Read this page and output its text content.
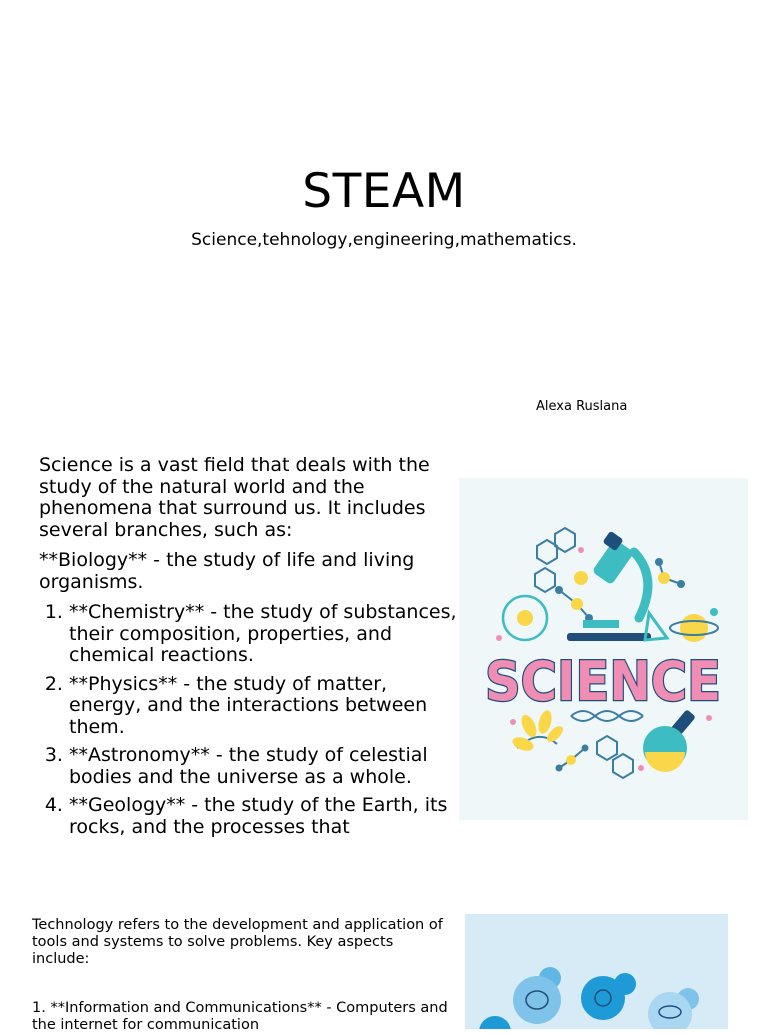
STEAM
Science,tehnology,engineering,mathematics.
Alexa Ruslana

Science is a vast field that deals with the study of the natural world and the phenomena that surround us. It includes several branches, such as:

**Biology** - the study of life and living organisms.

1. **Chemistry** - the study of substances, their composition, properties, and chemical reactions.
2. **Physics** - the study of matter, energy, and the interactions between them.
3. **Astronomy** - the study of celestial bodies and the universe as a whole.
4. **Geology** - the study of the Earth, its rocks, and the processes that
SCIENCE

Technology refers to the development and application of tools and systems to solve problems. Key aspects include:

1. **Information and Communications** - Computers and the internet for communication
